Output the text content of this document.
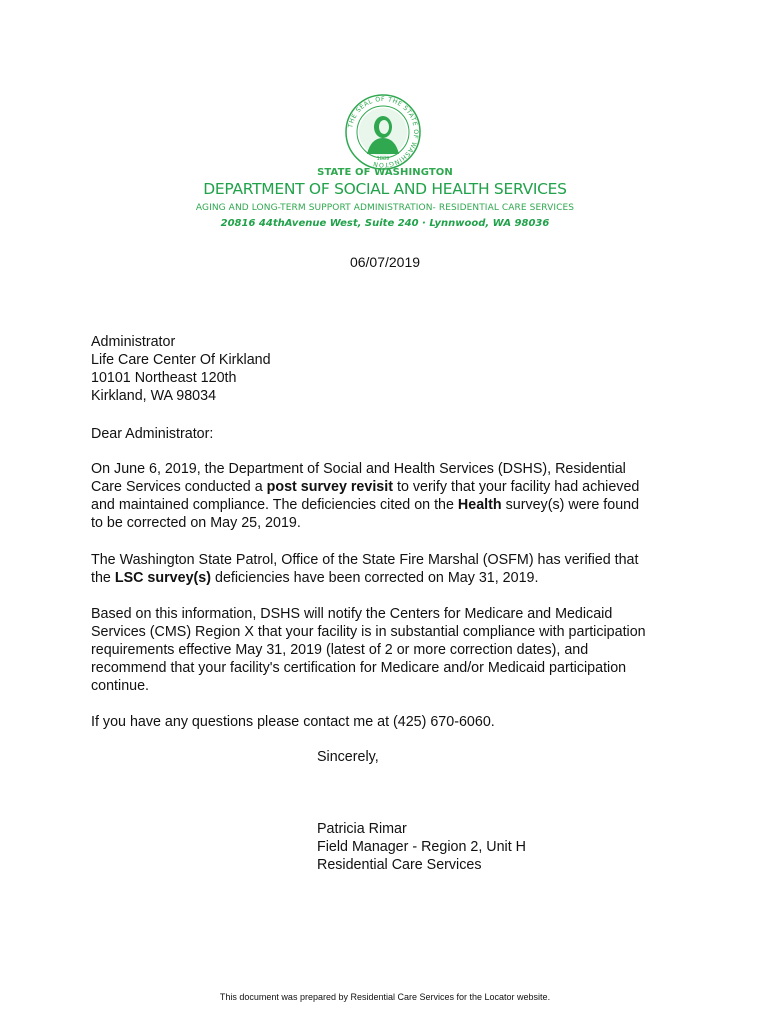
THE SEAL OF THE STATE OF WASHINGTON
1889
STATE OF WASHINGTON
DEPARTMENT OF SOCIAL AND HEALTH SERVICES
AGING AND LONG-TERM SUPPORT ADMINISTRATION- RESIDENTIAL CARE SERVICES
20816 44thAvenue West, Suite 240 · Lynnwood, WA 98036
06/07/2019
Administrator
Life Care Center Of Kirkland
10101 Northeast 120th
Kirkland, WA 98034
Dear Administrator:
On June 6, 2019, the Department of Social and Health Services (DSHS), Residential
Care Services conducted a post survey revisit to verify that your facility had achieved
and maintained compliance. The deficiencies cited on the Health survey(s) were found
to be corrected on May 25, 2019.
The Washington State Patrol, Office of the State Fire Marshal (OSFM) has verified that
the LSC survey(s) deficiencies have been corrected on May 31, 2019.
Based on this information, DSHS will notify the Centers for Medicare and Medicaid
Services (CMS) Region X that your facility is in substantial compliance with participation
requirements effective May 31, 2019 (latest of 2 or more correction dates), and
recommend that your facility's certification for Medicare and/or Medicaid participation
continue.
If you have any questions please contact me at (425) 670-6060.
Sincerely,
Patricia Rimar
Field Manager - Region 2, Unit H
Residential Care Services
This document was prepared by Residential Care Services for the Locator website.
